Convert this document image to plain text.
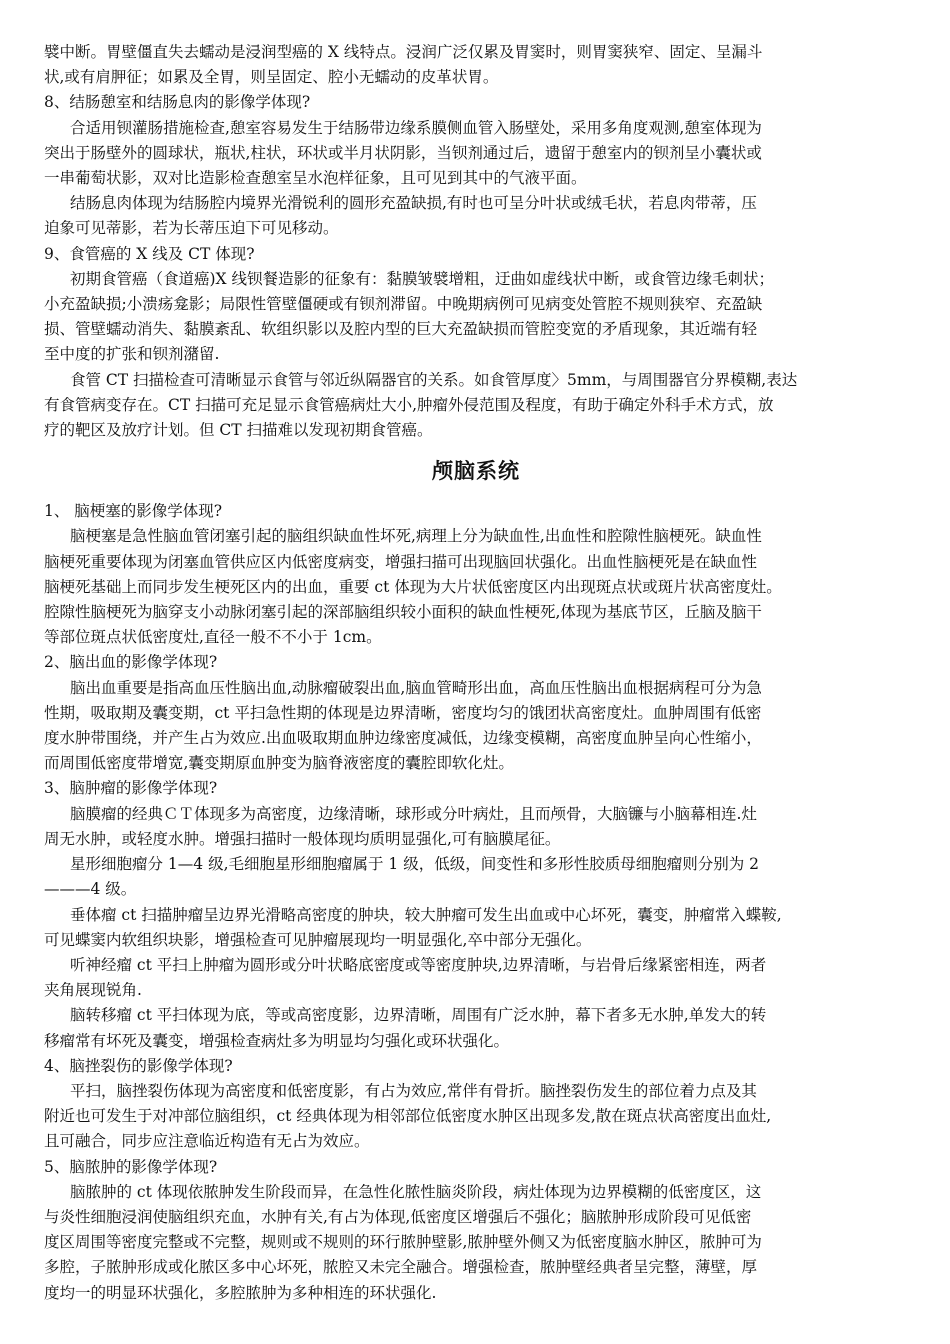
襞中断。胃壁僵直失去蠕动是浸润型癌的 X 线特点。浸润广泛仅累及胃窦时，则胃窦狭窄、固定、呈漏斗
状,或有肩胛征；如累及全胃，则呈固定、腔小无蠕动的皮革状胃。
8、结肠憩室和结肠息肉的影像学体现?
合适用钡灌肠措施检查,憩室容易发生于结肠带边缘系膜侧血管入肠壁处，采用多角度观测,憩室体现为
突出于肠壁外的圆球状，瓶状,柱状，环状或半月状阴影，当钡剂通过后，遗留于憩室内的钡剂呈小囊状或
一串葡萄状影，双对比造影检查憩室呈水泡样征象，且可见到其中的气液平面。
结肠息肉体现为结肠腔内境界光滑锐利的圆形充盈缺损,有时也可呈分叶状或绒毛状，若息肉带蒂，压
迫象可见蒂影，若为长蒂压迫下可见移动。
9、食管癌的 X 线及 CT 体现?
初期食管癌（食道癌)X 线钡餐造影的征象有：黏膜皱襞增粗，迂曲如虚线状中断，或食管边缘毛刺状；
小充盈缺损;小溃疡龛影；局限性管壁僵硬或有钡剂滞留。中晚期病例可见病变处管腔不规则狭窄、充盈缺
损、管壁蠕动消失、黏膜紊乱、软组织影以及腔内型的巨大充盈缺损而管腔变宽的矛盾现象，其近端有轻
至中度的扩张和钡剂潴留.
食管 CT 扫描检查可清晰显示食管与邻近纵隔器官的关系。如食管厚度〉5mm，与周围器官分界模糊,表达
有食管病变存在。CT 扫描可充足显示食管癌病灶大小,肿瘤外侵范围及程度，有助于确定外科手术方式，放
疗的靶区及放疗计划。但 CT 扫描难以发现初期食管癌。
颅脑系统
1、 脑梗塞的影像学体现?
脑梗塞是急性脑血管闭塞引起的脑组织缺血性坏死,病理上分为缺血性,出血性和腔隙性脑梗死。缺血性
脑梗死重要体现为闭塞血管供应区内低密度病变，增强扫描可出现脑回状强化。出血性脑梗死是在缺血性
脑梗死基础上而同步发生梗死区内的出血，重要 ct 体现为大片状低密度区内出现斑点状或斑片状高密度灶。
腔隙性脑梗死为脑穿支小动脉闭塞引起的深部脑组织较小面积的缺血性梗死,体现为基底节区，丘脑及脑干
等部位斑点状低密度灶,直径一般不不小于 1cm。
2、脑出血的影像学体现?
脑出血重要是指高血压性脑出血,动脉瘤破裂出血,脑血管畸形出血，高血压性脑出血根据病程可分为急
性期，吸取期及囊变期，ct 平扫急性期的体现是边界清晰，密度均匀的饿团状高密度灶。血肿周围有低密
度水肿带围绕，并产生占为效应.出血吸取期血肿边缘密度减低，边缘变模糊，高密度血肿呈向心性缩小，
而周围低密度带增宽,囊变期原血肿变为脑脊液密度的囊腔即软化灶。
3、脑肿瘤的影像学体现?
脑膜瘤的经典ＣＴ体现多为高密度，边缘清晰，球形或分叶病灶，且而颅骨，大脑镰与小脑幕相连.灶
周无水肿，或轻度水肿。增强扫描时一般体现均质明显强化,可有脑膜尾征。
星形细胞瘤分 1—4 级,毛细胞星形细胞瘤属于 1 级，低级，间变性和多形性胶质母细胞瘤则分别为 2
———4 级。
垂体瘤 ct 扫描肿瘤呈边界光滑略高密度的肿块，较大肿瘤可发生出血或中心坏死，囊变，肿瘤常入蝶鞍,
可见蝶窦内软组织块影，增强检查可见肿瘤展现均一明显强化,卒中部分无强化。
听神经瘤 ct 平扫上肿瘤为圆形或分叶状略底密度或等密度肿块,边界清晰，与岩骨后缘紧密相连，两者
夹角展现锐角.
脑转移瘤 ct 平扫体现为底，等或高密度影，边界清晰，周围有广泛水肿，幕下者多无水肿,单发大的转
移瘤常有坏死及囊变，增强检查病灶多为明显均匀强化或环状强化。
4、脑挫裂伤的影像学体现?
平扫，脑挫裂伤体现为高密度和低密度影，有占为效应,常伴有骨折。脑挫裂伤发生的部位着力点及其
附近也可发生于对冲部位脑组织，ct 经典体现为相邻部位低密度水肿区出现多发,散在斑点状高密度出血灶,
且可融合，同步应注意临近构造有无占为效应。
5、脑脓肿的影像学体现?
脑脓肿的 ct 体现依脓肿发生阶段而异，在急性化脓性脑炎阶段，病灶体现为边界模糊的低密度区，这
与炎性细胞浸润使脑组织充血，水肿有关,有占为体现,低密度区增强后不强化；脑脓肿形成阶段可见低密
度区周围等密度完整或不完整，规则或不规则的环行脓肿壁影,脓肿壁外侧又为低密度脑水肿区，脓肿可为
多腔，子脓肿形成或化脓区多中心坏死，脓腔又未完全融合。增强检查，脓肿壁经典者呈完整，薄壁，厚
度均一的明显环状强化，多腔脓肿为多种相连的环状强化.
